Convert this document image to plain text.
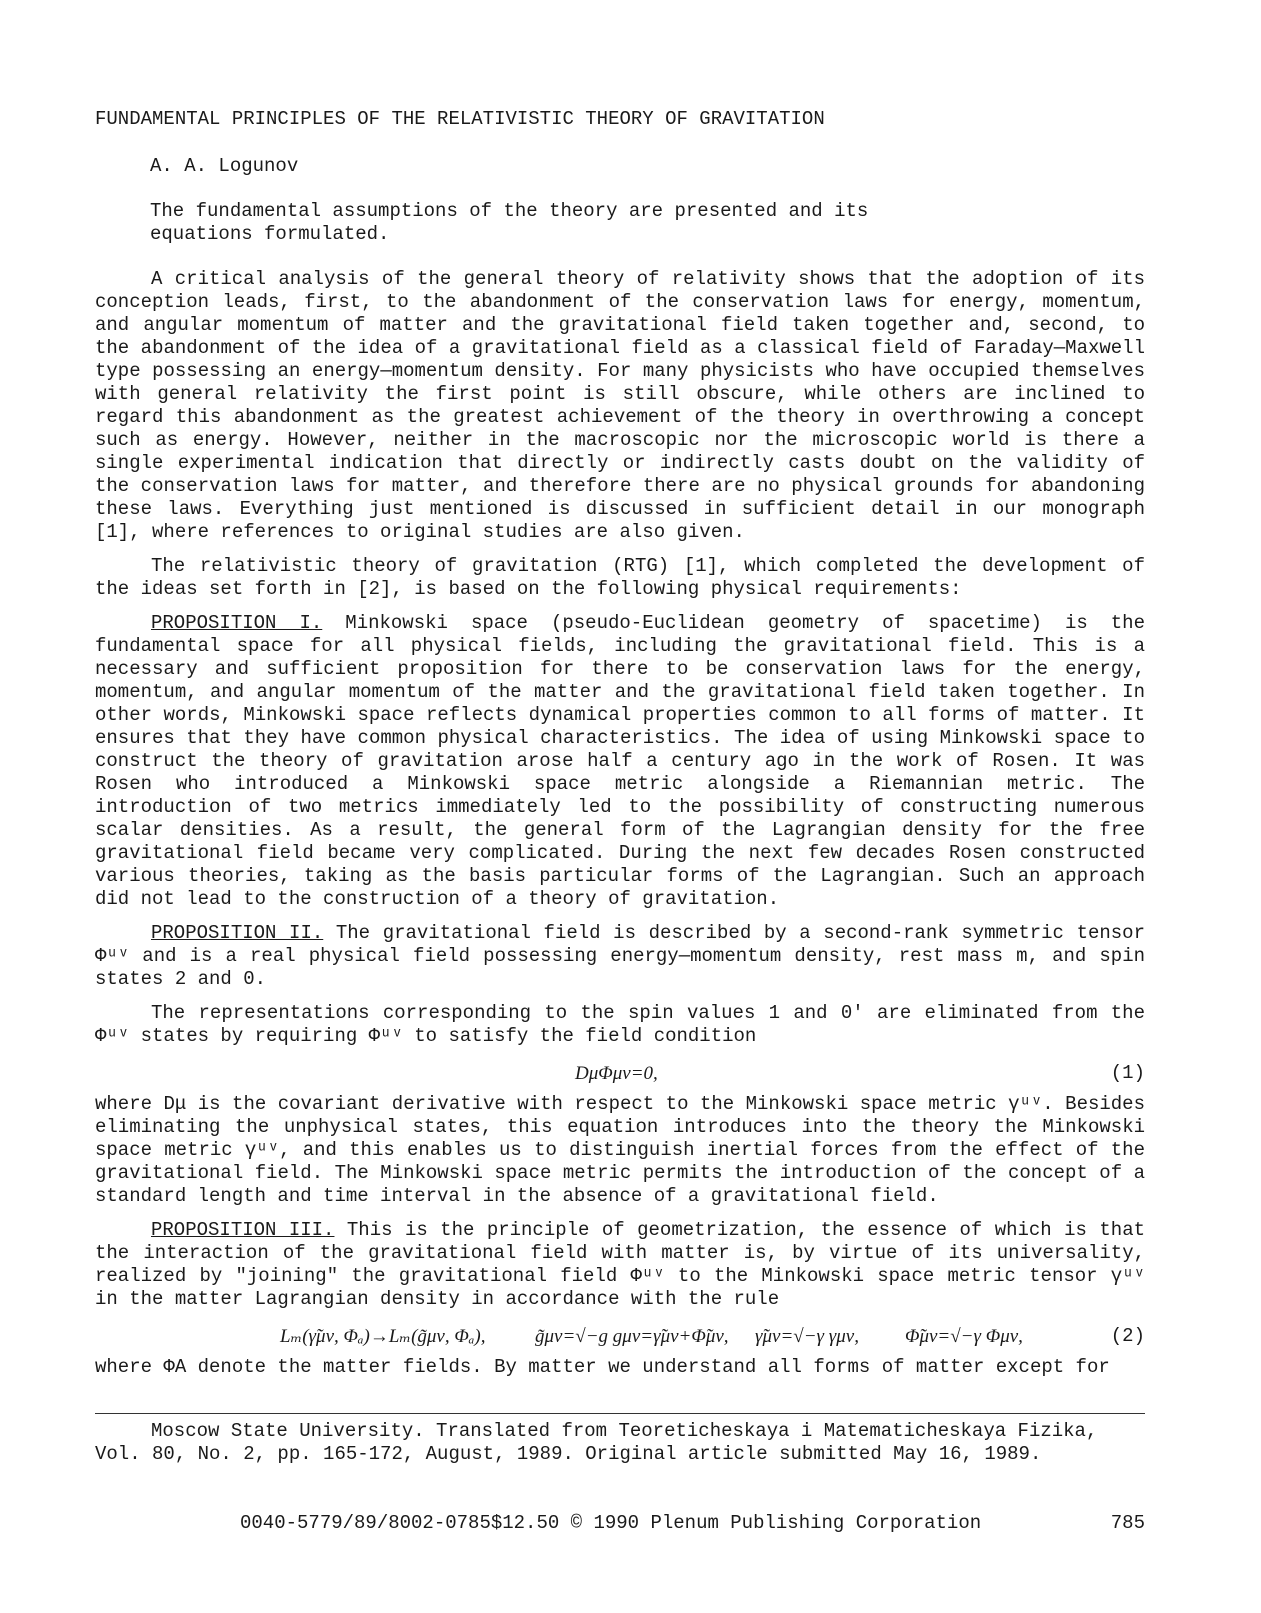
FUNDAMENTAL PRINCIPLES OF THE RELATIVISTIC THEORY OF GRAVITATION
A. A. Logunov
The fundamental assumptions of the theory are presented and its equations formulated.

A critical analysis of the general theory of relativity shows that the adoption of its conception leads, first, to the abandonment of the conservation laws for energy, momentum, and angular momentum of matter and the gravitational field taken together and, second, to the abandonment of the idea of a gravitational field as a classical field of Faraday—Maxwell type possessing an energy—momentum density. For many physicists who have occupied themselves with general relativity the first point is still obscure, while others are inclined to regard this abandonment as the greatest achievement of the theory in overthrowing a concept such as energy. However, neither in the macroscopic nor the microscopic world is there a single experimental indication that directly or indirectly casts doubt on the validity of the conservation laws for matter, and therefore there are no physical grounds for abandoning these laws. Everything just mentioned is discussed in sufficient detail in our monograph [1], where references to original studies are also given.

The relativistic theory of gravitation (RTG) [1], which completed the development of the ideas set forth in [2], is based on the following physical requirements:

PROPOSITION I. Minkowski space (pseudo-Euclidean geometry of spacetime) is the fundamental space for all physical fields, including the gravitational field. This is a necessary and sufficient proposition for there to be conservation laws for the energy, momentum, and angular momentum of the matter and the gravitational field taken together. In other words, Minkowski space reflects dynamical properties common to all forms of matter. It ensures that they have common physical characteristics. The idea of using Minkowski space to construct the theory of gravitation arose half a century ago in the work of Rosen. It was Rosen who introduced a Minkowski space metric alongside a Riemannian metric. The introduction of two metrics immediately led to the possibility of constructing numerous scalar densities. As a result, the general form of the Lagrangian density for the free gravitational field became very complicated. During the next few decades Rosen constructed various theories, taking as the basis particular forms of the Lagrangian. Such an approach did not lead to the construction of a theory of gravitation.

PROPOSITION II. The gravitational field is described by a second-rank symmetric tensor Φᵘᵛ and is a real physical field possessing energy—momentum density, rest mass m, and spin states 2 and 0.

The representations corresponding to the spin values 1 and 0′ are eliminated from the Φᵘᵛ states by requiring Φᵘᵛ to satisfy the field condition

DμΦμν=0,	(1)

where Dμ is the covariant derivative with respect to the Minkowski space metric γᵘᵛ. Besides eliminating the unphysical states, this equation introduces into the theory the Minkowski space metric γᵘᵛ, and this enables us to distinguish inertial forces from the effect of the gravitational field. The Minkowski space metric permits the introduction of the concept of a standard length and time interval in the absence of a gravitational field.

PROPOSITION III. This is the principle of geometrization, the essence of which is that the interaction of the gravitational field with matter is, by virtue of its universality, realized by "joining" the gravitational field Φᵘᵛ to the Minkowski space metric tensor γᵘᵛ in the matter Lagrangian density in accordance with the rule

Lₘ(γ̃μν, Φₐ)→Lₘ(g̃μν, Φₐ),	g̃μν=√−g gμν=γ̃μν+Φ̃μν, γ̃μν=√−γ γμν, Φ̃μν=√−γ Φμν,	(2)

where ΦA denote the matter fields. By matter we understand all forms of matter except for

Moscow State University. Translated from Teoreticheskaya i Matematicheskaya Fizika,

Vol. 80, No. 2, pp. 165-172, August, 1989. Original article submitted May 16, 1989.

0040-5779/89/8002-0785$12.50 © 1990 Plenum Publishing Corporation	785
